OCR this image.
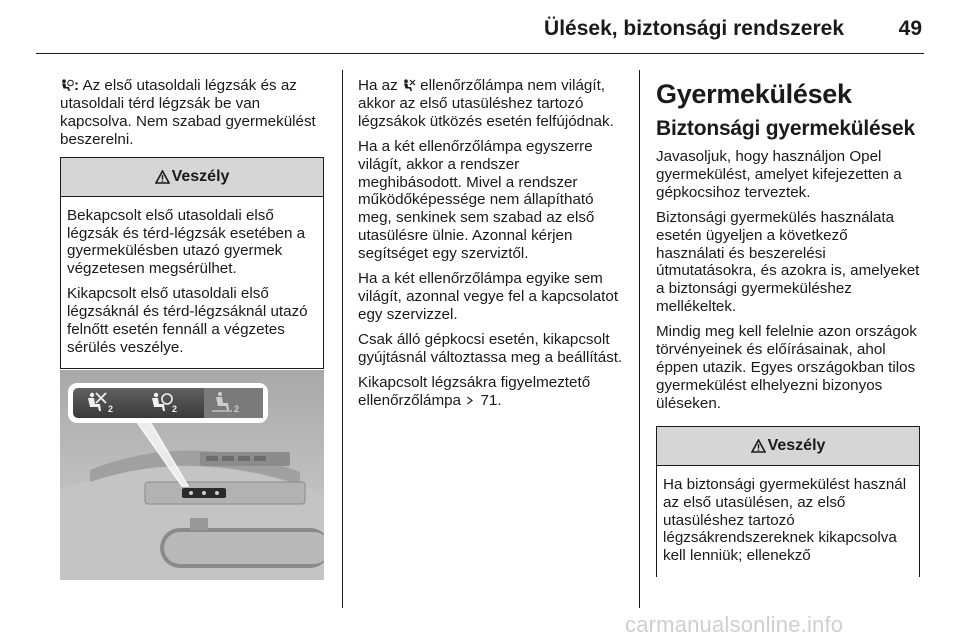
Ülések, biztonsági rendszerek	49

: Az első utasoldali légzsák és az utasoldali térd légzsák be van kapcsolva. Nem szabad gyermekülést beszerelni.

Veszély

Bekapcsolt első utasoldali első légzsák és térd-légzsák esetében a gyermekülésben utazó gyermek végzetesen megsérülhet.

Kikapcsolt első utasoldali első légzsáknál és térd-légzsáknál utazó felnőtt esetén fennáll a végzetes sérülés veszélye.

2	2	2

Ha az  ellenőrzőlámpa nem világít, akkor az első utasüléshez tartozó légzsákok ütközés esetén felfújódnak.

Ha a két ellenőrzőlámpa egyszerre világít, akkor a rendszer meghibásodott. Mivel a rendszer működőképessége nem állapítható meg, senkinek sem szabad az első utasülésre ülnie. Azonnal kérjen segítséget egy szerviztől.

Ha a két ellenőrzőlámpa egyike sem világít, azonnal vegye fel a kapcsolatot egy szervizzel.

Csak álló gépkocsi esetén, kikapcsolt gyújtásnál változtassa meg a beállítást.

Kikapcsolt légzsákra figyelmeztető ellenőrzőlámpa 71.

Gyermekülések
Biztonsági gyermekülések

Javasoljuk, hogy használjon Opel gyermekülést, amelyet kifejezetten a gépkocsihoz terveztek.

Biztonsági gyermekülés használata esetén ügyeljen a következő használati és beszerelési útmutatásokra, és azokra is, amelyeket a biztonsági gyermeküléshez mellékeltek.

Mindig meg kell felelnie azon országok törvényeinek és előírásainak, ahol éppen utazik. Egyes országokban tilos gyermekülést elhelyezni bizonyos üléseken.

Veszély

Ha biztonsági gyermekülést használ az első utasülésen, az első utasüléshez tartozó légzsákrendszereknek kikapcsolva kell lenniük; ellenekző

carmanualsonline.info
